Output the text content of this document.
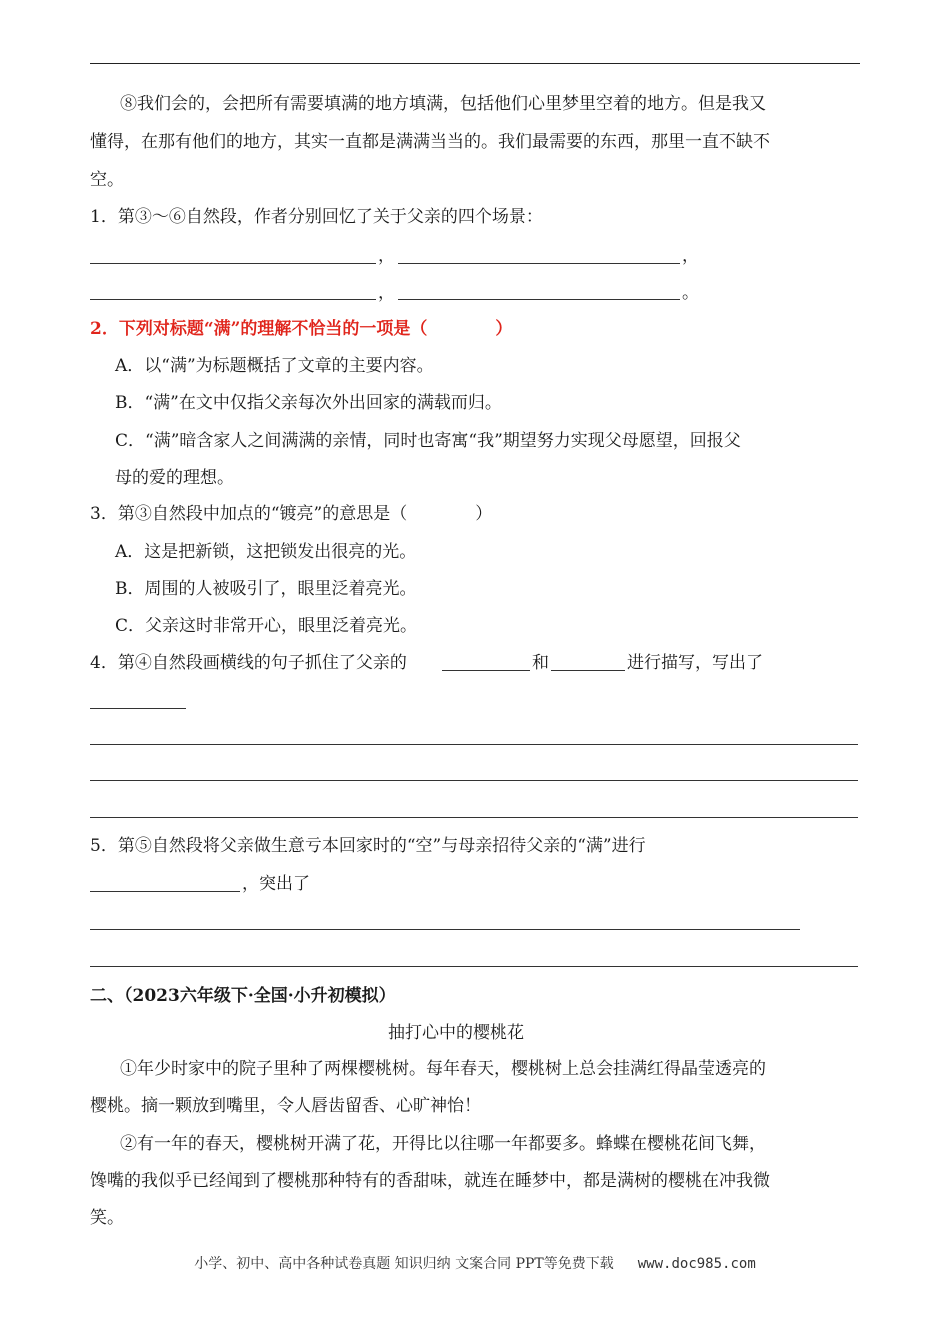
⑧我们会的，会把所有需要填满的地方填满，包括他们心里梦里空着的地方。但是我又
懂得，在那有他们的地方，其实一直都是满满当当的。我们最需要的东西，那里一直不缺不
空。
1．第③～⑥自然段，作者分别回忆了关于父亲的四个场景：
，	，
，	。
2．下列对标题“满”的理解不恰当的一项是（　　　　）
A．以“满”为标题概括了文章的主要内容。
B．“满”在文中仅指父亲每次外出回家的满载而归。
C．“满”暗含家人之间满满的亲情，同时也寄寓“我”期望努力实现父母愿望，回报父
母的爱的理想。
3．第③自然段中加点的“镀亮”的意思是（　　　　）
A．这是把新锁，这把锁发出很亮的光。
B．周围的人被吸引了，眼里泛着亮光。
C．父亲这时非常开心，眼里泛着亮光。
4．第④自然段画横线的句子抓住了父亲的	和	进行描写，写出了
5．第⑤自然段将父亲做生意亏本回家时的“空”与母亲招待父亲的“满”进行
，突出了
二、（2023六年级下·全国·小升初模拟）
抽打心中的樱桃花
①年少时家中的院子里种了两棵樱桃树。每年春天，樱桃树上总会挂满红得晶莹透亮的
樱桃。摘一颗放到嘴里，令人唇齿留香、心旷神怡！
②有一年的春天，樱桃树开满了花，开得比以往哪一年都要多。蜂蝶在樱桃花间飞舞，
馋嘴的我似乎已经闻到了樱桃那种特有的香甜味，就连在睡梦中，都是满树的樱桃在冲我微
笑。
小学、初中、高中各种试卷真题 知识归纳 文案合同 PPT等免费下载 www.doc985.com
